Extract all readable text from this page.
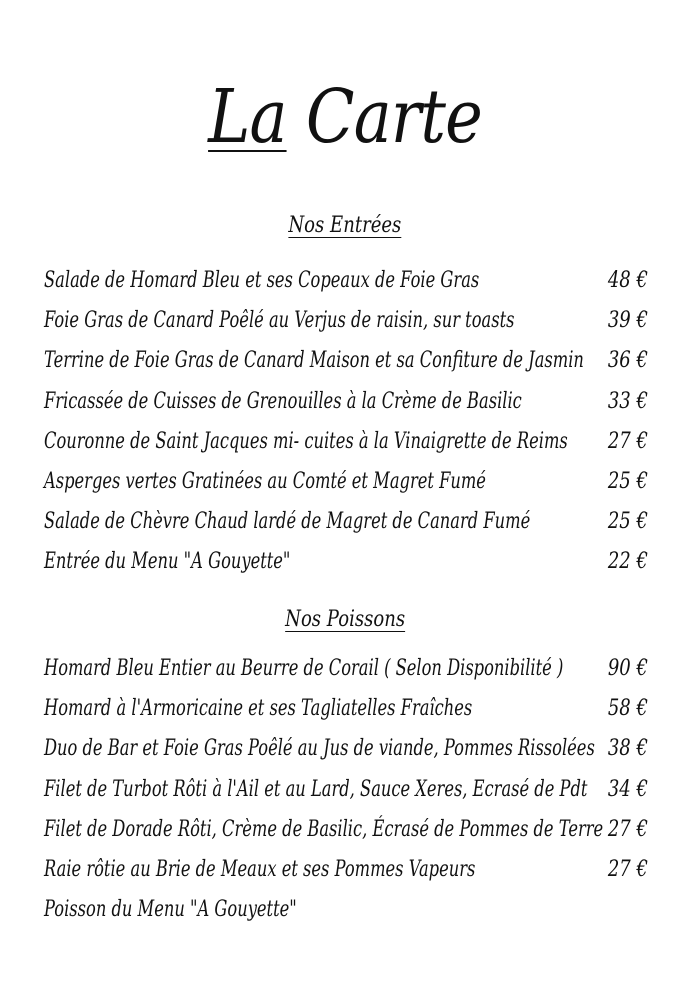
La Carte
Nos Entrées
Salade de Homard Bleu et ses Copeaux de Foie Gras	48 €
Foie Gras de Canard Poêlé au Verjus de raisin, sur toasts	39 €
Terrine de Foie Gras de Canard Maison et sa Confiture de Jasmin 36 €
Fricassée de Cuisses de Grenouilles à la Crème de Basilic	33 €
Couronne de Saint Jacques mi- cuites à la Vinaigrette de Reims 27 €
Asperges vertes Gratinées au Comté et Magret Fumé	25 €
Salade de Chèvre Chaud lardé de Magret de Canard Fumé	25 €
Entrée du Menu "A Gouyette"	22 €
Nos Poissons
Homard Bleu Entier au Beurre de Corail ( Selon Disponibilité ) 90 €
Homard à l'Armoricaine et ses Tagliatelles Fraîches	58 €
Duo de Bar et Foie Gras Poêlé au Jus de viande, Pommes Rissolées 38 €
Filet de Turbot Rôti à l'Ail et au Lard, Sauce Xeres, Ecrasé de Pdt 34 €
Filet de Dorade Rôti, Crème de Basilic, Écrasé de Pommes de Terre 27 €
Raie rôtie au Brie de Meaux et ses Pommes Vapeurs	27 €
Poisson du Menu "A Gouyette"
